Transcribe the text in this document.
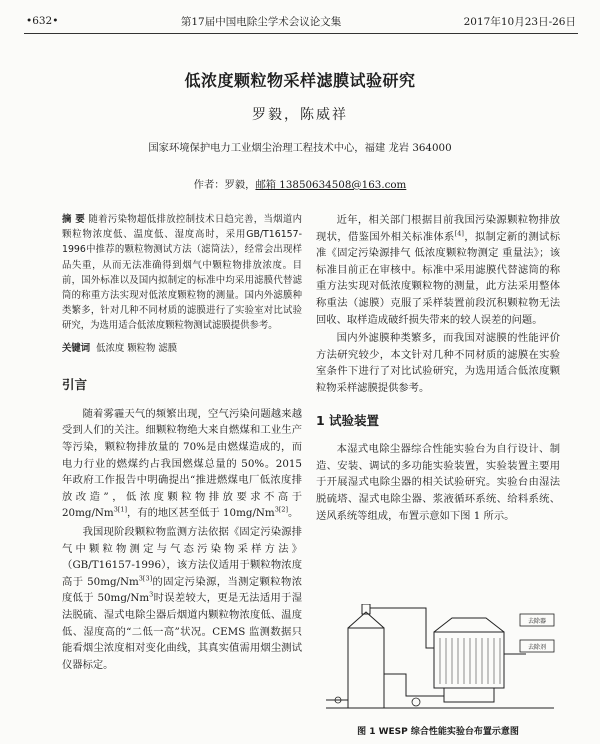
•632•	第17届中国电除尘学术会议论文集	2017年10月23日-26日
低浓度颗粒物采样滤膜试验研究
罗毅，陈威祥
国家环境保护电力工业烟尘治理工程技术中心，福建 龙岩 364000
作者：罗毅，邮箱 13850634508@163.com

摘 要 随着污染物超低排放控制技术日趋完善，当烟道内颗粒物浓度低、温度低、湿度高时，采用GB/T16157-1996中推荐的颗粒物测试方法（滤筒法），经常会出现样品失重，从而无法准确得到烟气中颗粒物排放浓度。目前，国外标准以及国内拟制定的标准中均采用滤膜代替滤筒的称重方法实现对低浓度颗粒物的测量。国内外滤膜种类繁多，针对几种不同材质的滤膜进行了实验室对比试验研究，为选用适合低浓度颗粒物测试滤膜提供参考。

关键词 低浓度 颗粒物 滤膜
引言

随着雾霾天气的频繁出现，空气污染问题越来越受到人们的关注。细颗粒物绝大来自燃煤和工业生产等污染，颗粒物排放量的 70%是由燃煤造成的，而电力行业的燃煤约占我国燃煤总量的 50%。2015 年政府工作报告中明确提出“推进燃煤电厂低浓度排放改造”，低浓度颗粒物排放要求不高于 $20mg/Nm^{3[1]}$，有的地区甚至低于 $10mg/Nm^{3[2]}$。

我国现阶段颗粒物监测方法依据《固定污染源排气中颗粒物测定与气态污染物采样方法》（GB/T16157-1996），该方法仪适用于颗粒物浓度高于 $50mg/Nm^{3[3]}$的固定污染源，当测定颗粒物浓度低于 50mg/Nm$^3$时误差较大，更是无法适用于湿法脱硫、湿式电除尘器后烟道内颗粒物浓度低、温度低、湿度高的“二低一高”状况。CEMS 监测数据只能看烟尘浓度相对变化曲线，其真实值需用烟尘测试仪器标定。

近年，相关部门根据目前我国污染源颗粒物排放现状，借鉴国外相关标准体系[4]，拟制定新的测试标准《固定污染源排气 低浓度颗粒物测定 重量法》；该标准目前正在审核中。标准中采用滤膜代替滤筒的称重方法实现对低浓度颗粒物的测量，此方法采用整体称重法（滤膜）克服了采样装置前段沉积颗粒物无法回收、取样造成破纤损失带来的较人误差的问题。

国内外滤膜种类繁多，而我国对滤膜的性能评价方法研究较少，本文针对几种不同材质的滤膜在实验室条件下进行了对比试验研究，为选用适合低浓度颗粒物采样滤膜提供参考。

1 试验装置

本湿式电除尘器综合性能实验台为自行设计、制造、安装、调试的多功能实验装置，实验装置主要用于开展湿式电除尘器的相关试验研究。实验台由湿法脱硫塔、湿式电除尘器、浆液循环系统、给料系统、送风系统等组成，布置示意如下图 1 所示。

去除器
去除剂
图 1 WESP 综合性能实验台布置示意图
